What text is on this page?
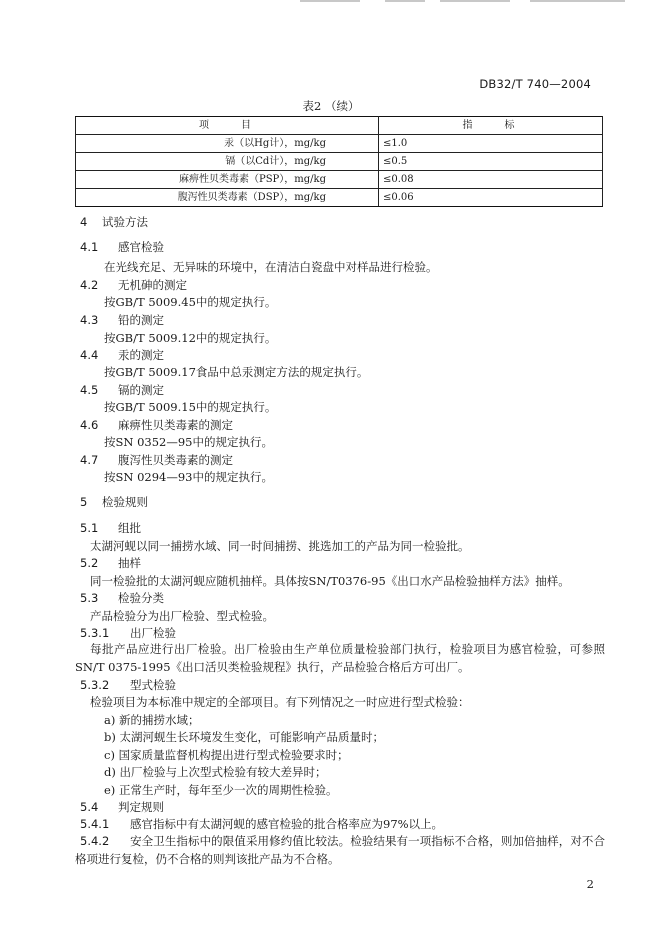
DB32/T 740—2004
表2 （续）
项　　目	指　　标
汞（以Hg计），mg/kg	≤1.0
镉（以Cd计），mg/kg	≤0.5
麻痹性贝类毒素（PSP），mg/kg	≤0.08
腹泻性贝类毒素（DSP），mg/kg	≤0.06
4 试验方法
4.1 感官检验
在光线充足、无异味的环境中，在清洁白瓷盘中对样品进行检验。
4.2 无机砷的测定
按GB/T 5009.45中的规定执行。
4.3 铅的测定
按GB/T 5009.12中的规定执行。
4.4 汞的测定
按GB/T 5009.17食品中总汞测定方法的规定执行。
4.5 镉的测定
按GB/T 5009.15中的规定执行。
4.6 麻痹性贝类毒素的测定
按SN 0352—95中的规定执行。
4.7 腹泻性贝类毒素的测定
按SN 0294—93中的规定执行。
5 检验规则
5.1 组批
太湖河蚬以同一捕捞水域、同一时间捕捞、挑选加工的产品为同一检验批。
5.2 抽样
同一检验批的太湖河蚬应随机抽样。具体按SN/T0376-95《出口水产品检验抽样方法》抽样。
5.3 检验分类
产品检验分为出厂检验、型式检验。
5.3.1 出厂检验
每批产品应进行出厂检验。出厂检验由生产单位质量检验部门执行，检验项目为感官检验，可参照SN/T 0375-1995《出口活贝类检验规程》执行，产品检验合格后方可出厂。
5.3.2 型式检验
检验项目为本标准中规定的全部项目。有下列情况之一时应进行型式检验：
a) 新的捕捞水域；
b) 太湖河蚬生长环境发生变化，可能影响产品质量时；
c) 国家质量监督机构提出进行型式检验要求时；
d) 出厂检验与上次型式检验有较大差异时；
e) 正常生产时，每年至少一次的周期性检验。
5.4 判定规则
5.4.1 感官指标中有太湖河蚬的感官检验的批合格率应为97%以上。
5.4.2 安全卫生指标中的限值采用修约值比较法。检验结果有一项指标不合格，则加倍抽样，对不合格项进行复检，仍不合格的则判该批产品为不合格。
2
